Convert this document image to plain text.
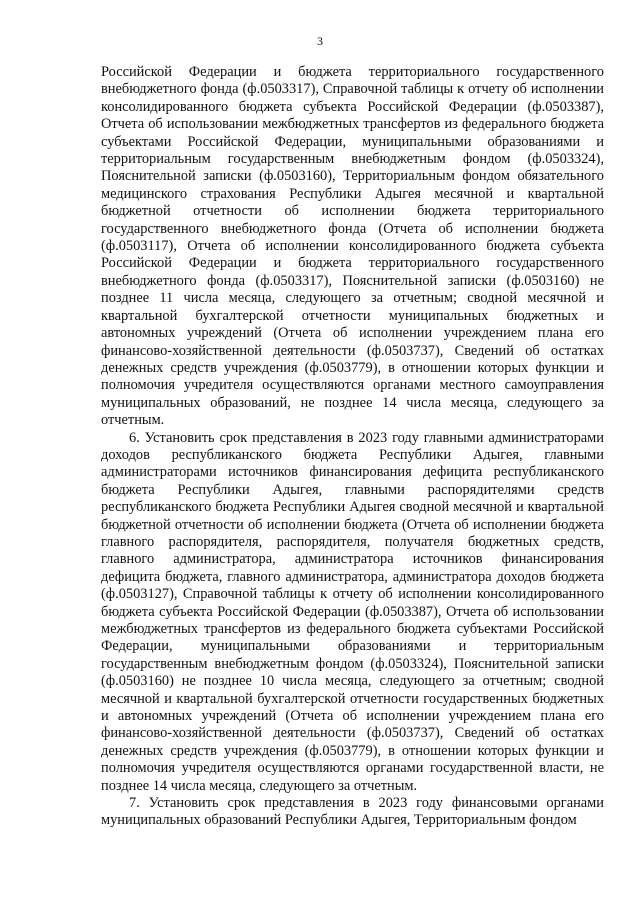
3

Российской Федерации и бюджета территориального государственного внебюджетного фонда (ф.0503317), Справочной таблицы к отчету об исполнении консолидированного бюджета субъекта Российской Федерации (ф.0503387), Отчета об использовании межбюджетных трансфертов из федерального бюджета субъектами Российской Федерации, муниципальными образованиями и территориальным государственным внебюджетным фондом (ф.0503324), Пояснительной записки (ф.0503160), Территориальным фондом обязательного медицинского страхования Республики Адыгея месячной и квартальной бюджетной отчетности об исполнении бюджета территориального государственного внебюджетного фонда (Отчета об исполнении бюджета (ф.0503117), Отчета об исполнении консолидированного бюджета субъекта Российской Федерации и бюджета территориального государственного внебюджетного фонда (ф.0503317), Пояснительной записки (ф.0503160) не позднее 11 числа месяца, следующего за отчетным; сводной месячной и квартальной бухгалтерской отчетности муниципальных бюджетных и автономных учреждений (Отчета об исполнении учреждением плана его финансово-хозяйственной деятельности (ф.0503737), Сведений об остатках денежных средств учреждения (ф.0503779), в отношении которых функции и полномочия учредителя осуществляются органами местного самоуправления муниципальных образований, не позднее 14 числа месяца, следующего за отчетным.

6. Установить срок представления в 2023 году главными администраторами доходов республиканского бюджета Республики Адыгея, главными администраторами источников финансирования дефицита республиканского бюджета Республики Адыгея, главными распорядителями средств республиканского бюджета Республики Адыгея сводной месячной и квартальной бюджетной отчетности об исполнении бюджета (Отчета об исполнении бюджета главного распорядителя, распорядителя, получателя бюджетных средств, главного администратора, администратора источников финансирования дефицита бюджета, главного администратора, администратора доходов бюджета (ф.0503127), Справочной таблицы к отчету об исполнении консолидированного бюджета субъекта Российской Федерации (ф.0503387), Отчета об использовании межбюджетных трансфертов из федерального бюджета субъектами Российской Федерации, муниципальными образованиями и территориальным государственным внебюджетным фондом (ф.0503324), Пояснительной записки (ф.0503160) не позднее 10 числа месяца, следующего за отчетным; сводной месячной и квартальной бухгалтерской отчетности государственных бюджетных и автономных учреждений (Отчета об исполнении учреждением плана его финансово-хозяйственной деятельности (ф.0503737), Сведений об остатках денежных средств учреждения (ф.0503779), в отношении которых функции и полномочия учредителя осуществляются органами государственной власти, не позднее 14 числа месяца, следующего за отчетным.

7. Установить срок представления в 2023 году финансовыми органами муниципальных образований Республики Адыгея, Территориальным фондом
